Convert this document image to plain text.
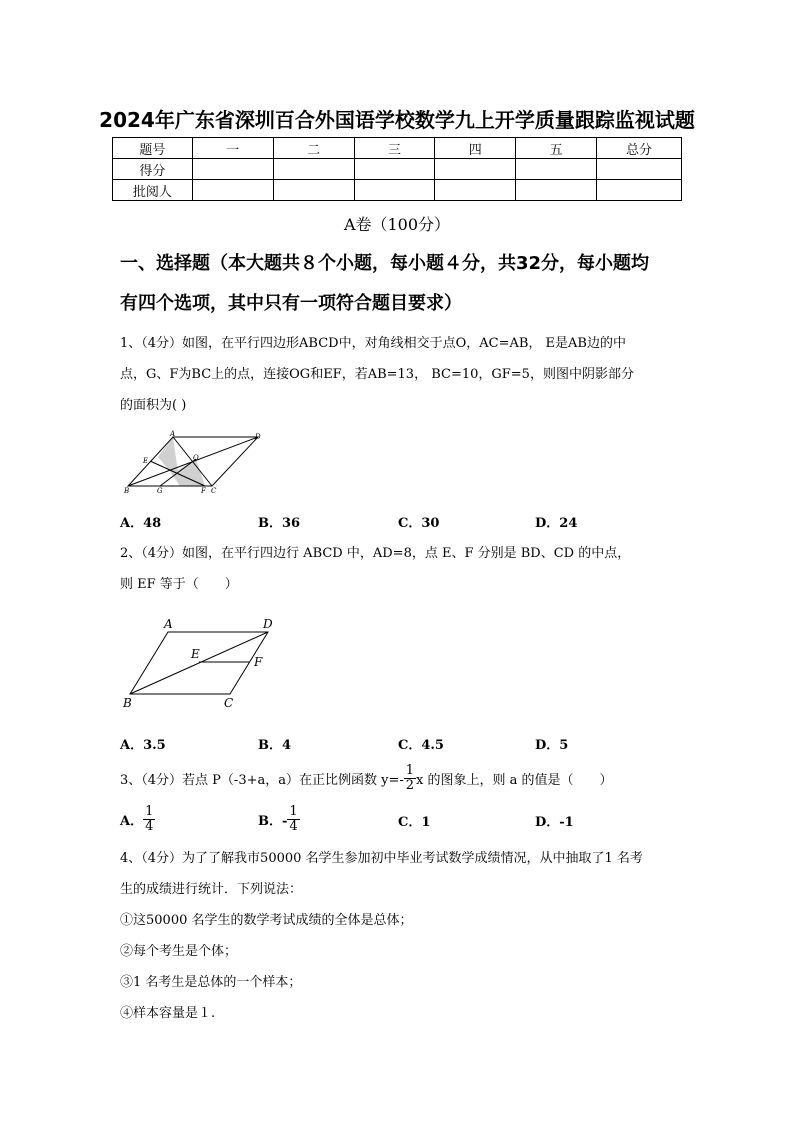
2024年广东省深圳百合外国语学校数学九上开学质量跟踪监视试题
题号	一	二	三	四	五	总分
得分						
批阅人						
A卷（100分）
一、选择题（本大题共８个小题，每小题４分，共32分，每小题均
有四个选项，其中只有一项符合题目要求）
1、（4分）如图，在平行四边形ABCD中，对角线相交于点O，AC=AB， E是AB边的中
点，G、F为BC上的点，连接OG和EF，若AB=13， BC=10，GF=5，则图中阴影部分
的面积为( )
A	D
E	O
B	G	F C
A．48	B．36	C．30	D．24
2、（4分）如图，在平行四边行 ABCD 中，AD=8，点 E、F 分别是 BD、CD 的中点，
则 EF 等于（　　）
A	D
E
F
B	C
A．3.5	B．4	C．4.5	D．5
3、（4分）若点 P（-3+a，a）在正比例函数 $y=- \frac{1}{2}$ x 的图象上，则 a 的值是（　　）
A． $\frac{1}{4}$	B．- $\frac{1}{4}$	C．1	D．-1
4、（4分）为了了解我市50000 名学生参加初中毕业考试数学成绩情况，从中抽取了1 名考
生的成绩进行统计．下列说法：
①这50000 名学生的数学考试成绩的全体是总体；
②每个考生是个体；
③1 名考生是总体的一个样本；
④样本容量是１.
